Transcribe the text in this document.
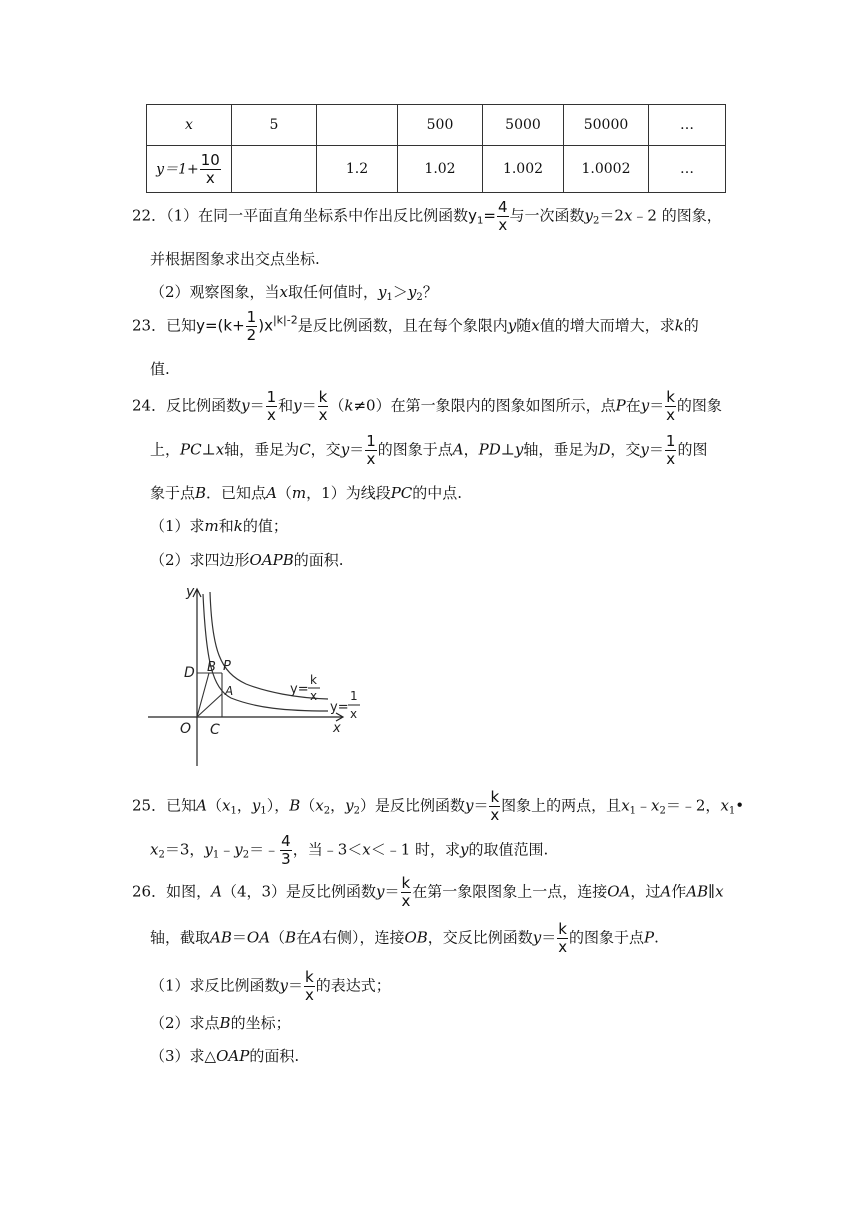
x	5		500	5000	50000	…
$y=1+ \frac{10}{x}$		1.2	1.02	1.002	1.0002	…
22．（1）在同一平面直角坐标系中作出反比例函数$y_1= \frac{4}{x}$ 与一次函数$y_2=2x﹣2$ 的图象，
并根据图象求出交点坐标.
（2）观察图象，当x取任何值时，$y_1>y_2$？
23．已知$y=(k+ \frac{1}{2} )x^{|k|-2}$是反比例函数，且在每个象限内y随x值的增大而增大，求k的
值.
24．反比例函数$y= \frac{1}{x}$ 和$y= \frac{k}{x} (k\ne 0)$在第一象限内的图象如图所示，点P在$y= \frac{k}{x}$ 的图象
上，PC⊥x轴，垂足为C，交$y= \frac{1}{x}$ 的图象于点A，PD⊥y轴，垂足为D，交$y= \frac{1}{x}$ 的图
象于点B．已知点A（m，1）为线段PC的中点.
（1）求m和k的值；
（2）求四边形OAPB的面积.
y
x
O
D B P
A
C
y=
k
x
y=
1
x
25．已知$A(x_1$，$y_1$），$B(x_2$，$y_2$）是反比例函数$y= \frac{k}{x}$ 图象上的两点，且$x_1﹣x_2=﹣2$，$x_1•$
$x_2=3$，$y_1﹣y_2=﹣ \frac{4}{3}$ ，当﹣3＜x＜﹣1 时，求y的取值范围.
26．如图，A（4，3）是反比例函数$y= \frac{k}{x}$ 在第一象限图象上一点，连接OA，过A作AB∥x
轴，截取AB＝OA（B在A右侧），连接OB，交反比例函数$y= \frac{k}{x}$ 的图象于点P.
（1）求反比例函数$y= \frac{k}{x}$ 的表达式；
（2）求点B的坐标；
（3）求△OAP的面积.
